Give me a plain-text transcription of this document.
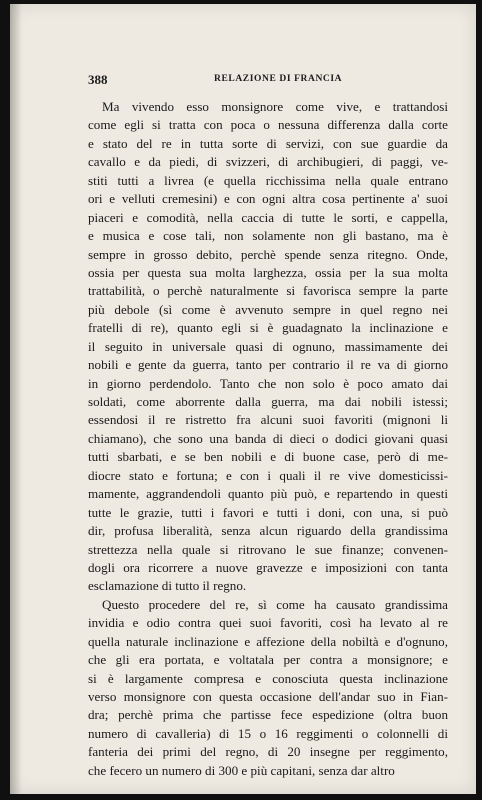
388	RELAZIONE DI FRANCIA
Ma vivendo esso monsignore come vive, e trattandosi
come egli si tratta con poca o nessuna differenza dalla corte
e stato del re in tutta sorte di servizi, con sue guardie da
cavallo e da piedi, di svizzeri, di archibugieri, di paggi, ve-
stiti tutti a livrea (e quella ricchissima nella quale entrano
ori e velluti cremesini) e con ogni altra cosa pertinente a' suoi
piaceri e comodità, nella caccia di tutte le sorti, e cappella,
e musica e cose tali, non solamente non gli bastano, ma è
sempre in grosso debito, perchè spende senza ritegno. Onde,
ossia per questa sua molta larghezza, ossia per la sua molta
trattabilità, o perchè naturalmente si favorisca sempre la parte
più debole (sì come è avvenuto sempre in quel regno nei
fratelli di re), quanto egli si è guadagnato la inclinazione e
il seguito in universale quasi di ognuno, massimamente dei
nobili e gente da guerra, tanto per contrario il re va di giorno
in giorno perdendolo. Tanto che non solo è poco amato dai
soldati, come aborrente dalla guerra, ma dai nobili istessi;
essendosi il re ristretto fra alcuni suoi favoriti (mignoni li
chiamano), che sono una banda di dieci o dodici giovani quasi
tutti sbarbati, e se ben nobili e di buone case, però di me-
diocre stato e fortuna; e con i quali il re vive domesticissi-
mamente, aggrandendoli quanto più può, e repartendo in questi
tutte le grazie, tutti i favori e tutti i doni, con una, si può
dir, profusa liberalità, senza alcun riguardo della grandissima
strettezza nella quale si ritrovano le sue finanze; convenen-
dogli ora ricorrere a nuove gravezze e imposizioni con tanta
esclamazione di tutto il regno.
Questo procedere del re, sì come ha causato grandissima
invidia e odio contra quei suoi favoriti, così ha levato al re
quella naturale inclinazione e affezione della nobiltà e d'ognuno,
che gli era portata, e voltatala per contra a monsignore; e
si è largamente compresa e conosciuta questa inclinazione
verso monsignore con questa occasione dell'andar suo in Fian-
dra; perchè prima che partisse fece espedizione (oltra buon
numero di cavalleria) di 15 o 16 reggimenti o colonnelli di
fanteria dei primi del regno, di 20 insegne per reggimento,
che fecero un numero di 300 e più capitani, senza dar altro
